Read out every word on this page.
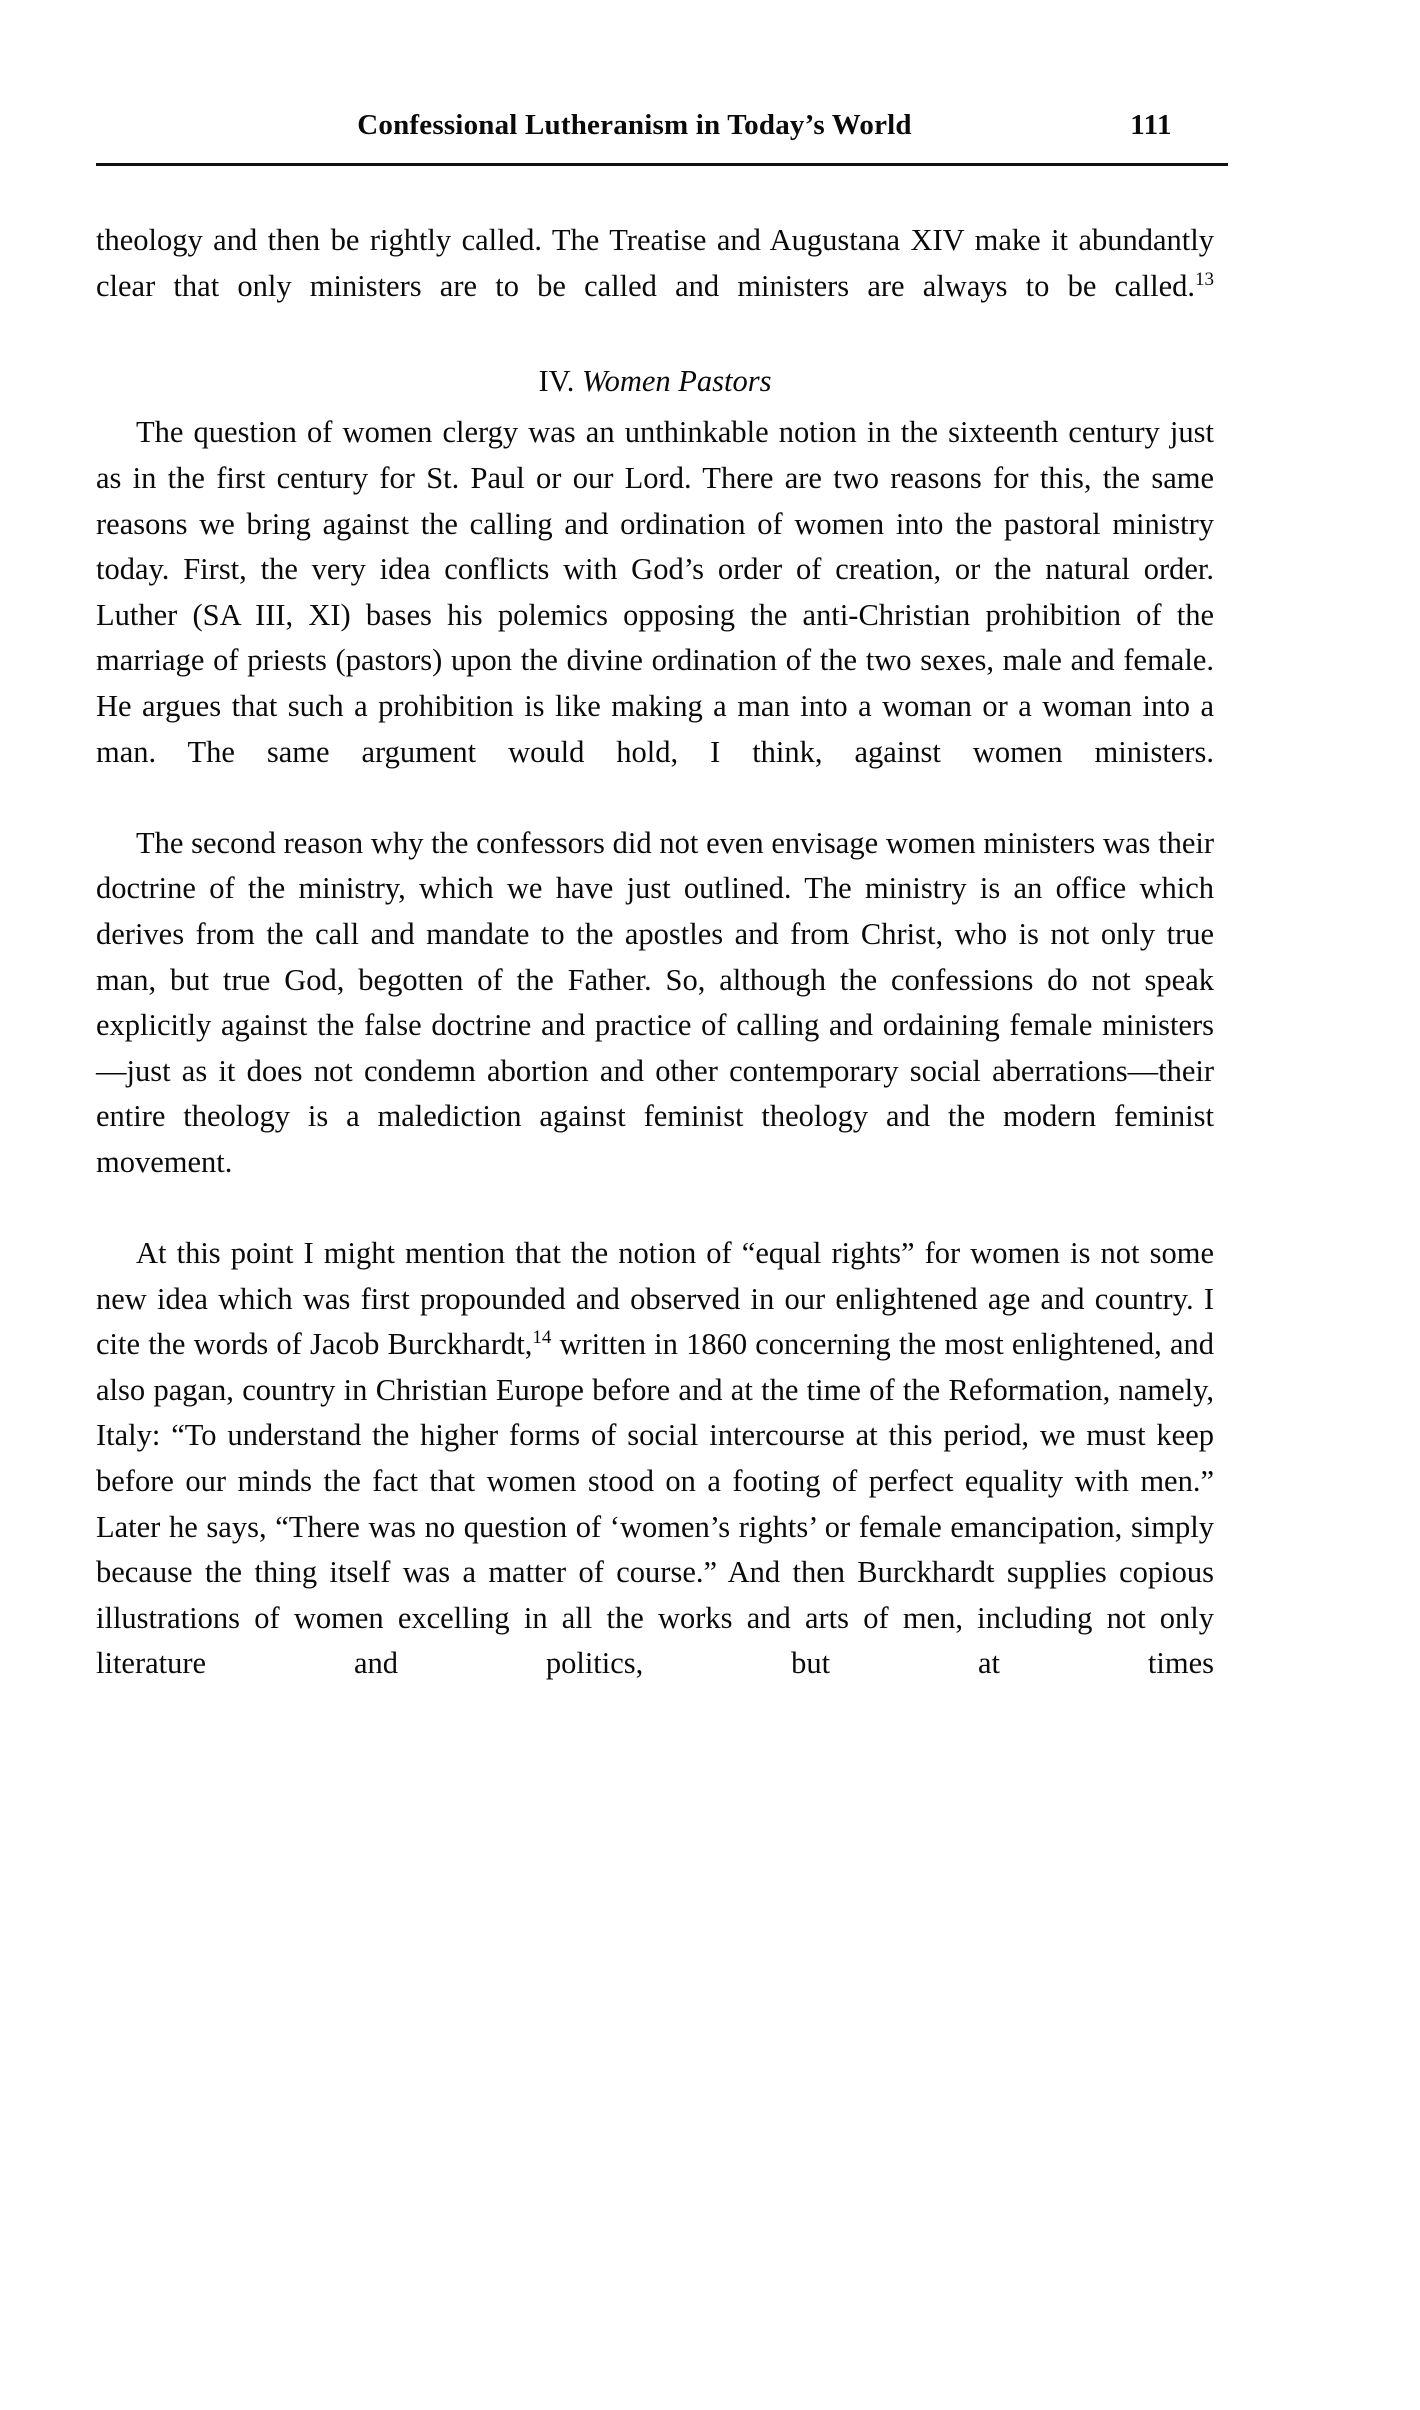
Confessional Lutheranism in Today’s World	111

theology and then be rightly called. The Treatise and Augustana XIV make it abundantly clear that only ministers are to be called and ministers are always to be called.$^{13}$

IV. Women Pastors

The question of women clergy was an unthinkable notion in the sixteenth century just as in the first century for St. Paul or our Lord. There are two reasons for this, the same reasons we bring against the calling and ordination of women into the pastoral ministry today. First, the very idea conflicts with God’s order of creation, or the natural order. Luther (SA III, XI) bases his polemics opposing the anti-Christian prohibition of the marriage of priests (pastors) upon the divine ordination of the two sexes, male and female. He argues that such a prohibition is like making a man into a woman or a woman into a man. The same argument would hold, I think, against women ministers.

The second reason why the confessors did not even envisage women ministers was their doctrine of the ministry, which we have just outlined. The ministry is an office which derives from the call and mandate to the apostles and from Christ, who is not only true man, but true God, begotten of the Father. So, although the confessions do not speak explicitly against the false doctrine and practice of calling and ordaining female ministers—just as it does not condemn abortion and other contemporary social aberrations—their entire theology is a malediction against feminist theology and the modern feminist movement.

At this point I might mention that the notion of “equal rights” for women is not some new idea which was first propounded and observed in our enlightened age and country. I cite the words of Jacob Burckhardt,$^{14}$ written in 1860 concerning the most enlightened, and also pagan, country in Christian Europe before and at the time of the Reformation, namely, Italy: “To understand the higher forms of social intercourse at this period, we must keep before our minds the fact that women stood on a footing of perfect equality with men.” Later he says, “There was no question of ‘women’s rights’ or female emancipation, simply because the thing itself was a matter of course.” And then Burckhardt supplies copious illustrations of women excelling in all the works and arts of men, including not only literature and politics, but at times
